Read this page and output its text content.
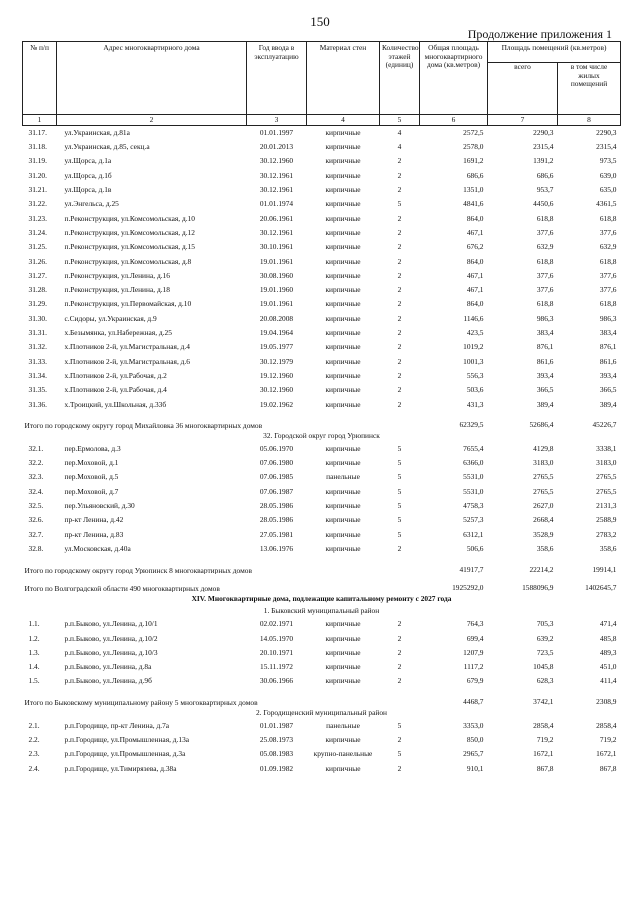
150
Продолжение приложения 1
№ п/п	Адрес многоквартирного дома	Год ввода в эксплуатацию	Материал стен	Количество этажей (единиц)	Общая площадь многоквартирного дома (кв.метров)	Площадь помещений (кв.метров)	
						всего	в том числе жилых помещений
1	2	3	4	5	6	7	8
31.17.	ул.Украинская, д.81а	01.01.1997	кирпичные	4	2572,5	2290,3	2290,3
31.18.	ул.Украинская, д.85, секц.а	20.01.2013	кирпичные	4	2578,0	2315,4	2315,4
31.19.	ул.Щорса, д.1а	30.12.1960	кирпичные	2	1691,2	1391,2	973,5
31.20.	ул.Щорса, д.1б	30.12.1961	кирпичные	2	686,6	686,6	639,0
31.21.	ул.Щорса, д.1в	30.12.1961	кирпичные	2	1351,0	953,7	635,0
31.22.	ул.Энгельса, д.25	01.01.1974	кирпичные	5	4841,6	4450,6	4361,5
31.23.	п.Реконструкция, ул.Комсомольская, д.10	20.06.1961	кирпичные	2	864,0	618,8	618,8
31.24.	п.Реконструкция, ул.Комсомольская, д.12	30.12.1961	кирпичные	2	467,1	377,6	377,6
31.25.	п.Реконструкция, ул.Комсомольская, д.15	30.10.1961	кирпичные	2	676,2	632,9	632,9
31.26.	п.Реконструкция, ул.Комсомольская, д.8	19.01.1961	кирпичные	2	864,0	618,8	618,8
31.27.	п.Реконструкция, ул.Ленина, д.16	30.08.1960	кирпичные	2	467,1	377,6	377,6
31.28.	п.Реконструкция, ул.Ленина, д.18	19.01.1960	кирпичные	2	467,1	377,6	377,6
31.29.	п.Реконструкция, ул.Первомайская, д.10	19.01.1961	кирпичные	2	864,0	618,8	618,8
31.30.	с.Сидоры, ул.Украинская, д.9	20.08.2008	кирпичные	2	1146,6	986,3	986,3
31.31.	х.Безымянка, ул.Набережная, д.25	19.04.1964	кирпичные	2	423,5	383,4	383,4
31.32.	х.Плотников 2-й, ул.Магистральная, д.4	19.05.1977	кирпичные	2	1019,2	876,1	876,1
31.33.	х.Плотников 2-й, ул.Магистральная, д.6	30.12.1979	кирпичные	2	1001,3	861,6	861,6
31.34.	х.Плотников 2-й, ул.Рабочая, д.2	19.12.1960	кирпичные	2	556,3	393,4	393,4
31.35.	х.Плотников 2-й, ул.Рабочая, д.4	30.12.1960	кирпичные	2	503,6	366,5	366,5
31.36.	х.Троицкий, ул.Школьная, д.33б	19.02.1962	кирпичные	2	431,3	389,4	389,4
Итого по городскому округу город Михайловка 36 многоквартирных домов					62329,5	52686,4	45226,7
32. Городской округ город Урюпинск							
32.1.	пер.Ермолова, д.3	05.06.1970	кирпичные	5	7655,4	4129,8	3338,1
32.2.	пер.Моховой, д.1	07.06.1980	кирпичные	5	6366,0	3183,0	3183,0
32.3.	пер.Моховой, д.5	07.06.1985	панельные	5	5531,0	2765,5	2765,5
32.4.	пер.Моховой, д.7	07.06.1987	кирпичные	5	5531,0	2765,5	2765,5
32.5.	пер.Ульяновский, д.30	28.05.1986	кирпичные	5	4758,3	2627,0	2131,3
32.6.	пр-кт Ленина, д.42	28.05.1986	кирпичные	5	5257,3	2668,4	2588,9
32.7.	пр-кт Ленина, д.83	27.05.1981	кирпичные	5	6312,1	3528,9	2783,2
32.8.	ул.Московская, д.40а	13.06.1976	кирпичные	2	506,6	358,6	358,6
Итого по городскому округу город Урюпинск 8 многоквартирных домов					41917,7	22214,2	19914,1
Итого по Волгоградской области 490 многоквартирных домов					1925292,0	1588096,9	1402645,7
XIV. Многоквартирные дома, подлежащие капитальному ремонту с 2027 года							
1. Быковский муниципальный район							
1.1.	р.п.Быково, ул.Ленина, д.10/1	02.02.1971	кирпичные	2	764,3	705,3	471,4
1.2.	р.п.Быково, ул.Ленина, д.10/2	14.05.1970	кирпичные	2	699,4	639,2	485,8
1.3.	р.п.Быково, ул.Ленина, д.10/3	20.10.1971	кирпичные	2	1207,9	723,5	489,3
1.4.	р.п.Быково, ул.Ленина, д.8а	15.11.1972	кирпичные	2	1117,2	1045,8	451,0
1.5.	р.п.Быково, ул.Ленина, д.9б	30.06.1966	кирпичные	2	679,9	628,3	411,4
Итого по Быковскому муниципальному району 5 многоквартирных домов					4468,7	3742,1	2308,9
2. Городищенский муниципальный район							
2.1.	р.п.Городище, пр-кт Ленина, д.7а	01.01.1987	панельные	5	3353,0	2858,4	2858,4
2.2.	р.п.Городище, ул.Промышленная, д.13а	25.08.1973	кирпичные	2	850,0	719,2	719,2
2.3.	р.п.Городище, ул.Промышленная, д.3а	05.08.1983	крупно-панельные	5	2965,7	1672,1	1672,1
2.4.	р.п.Городище, ул.Тимирязева, д.38а	01.09.1982	кирпичные	2	910,1	867,8	867,8
